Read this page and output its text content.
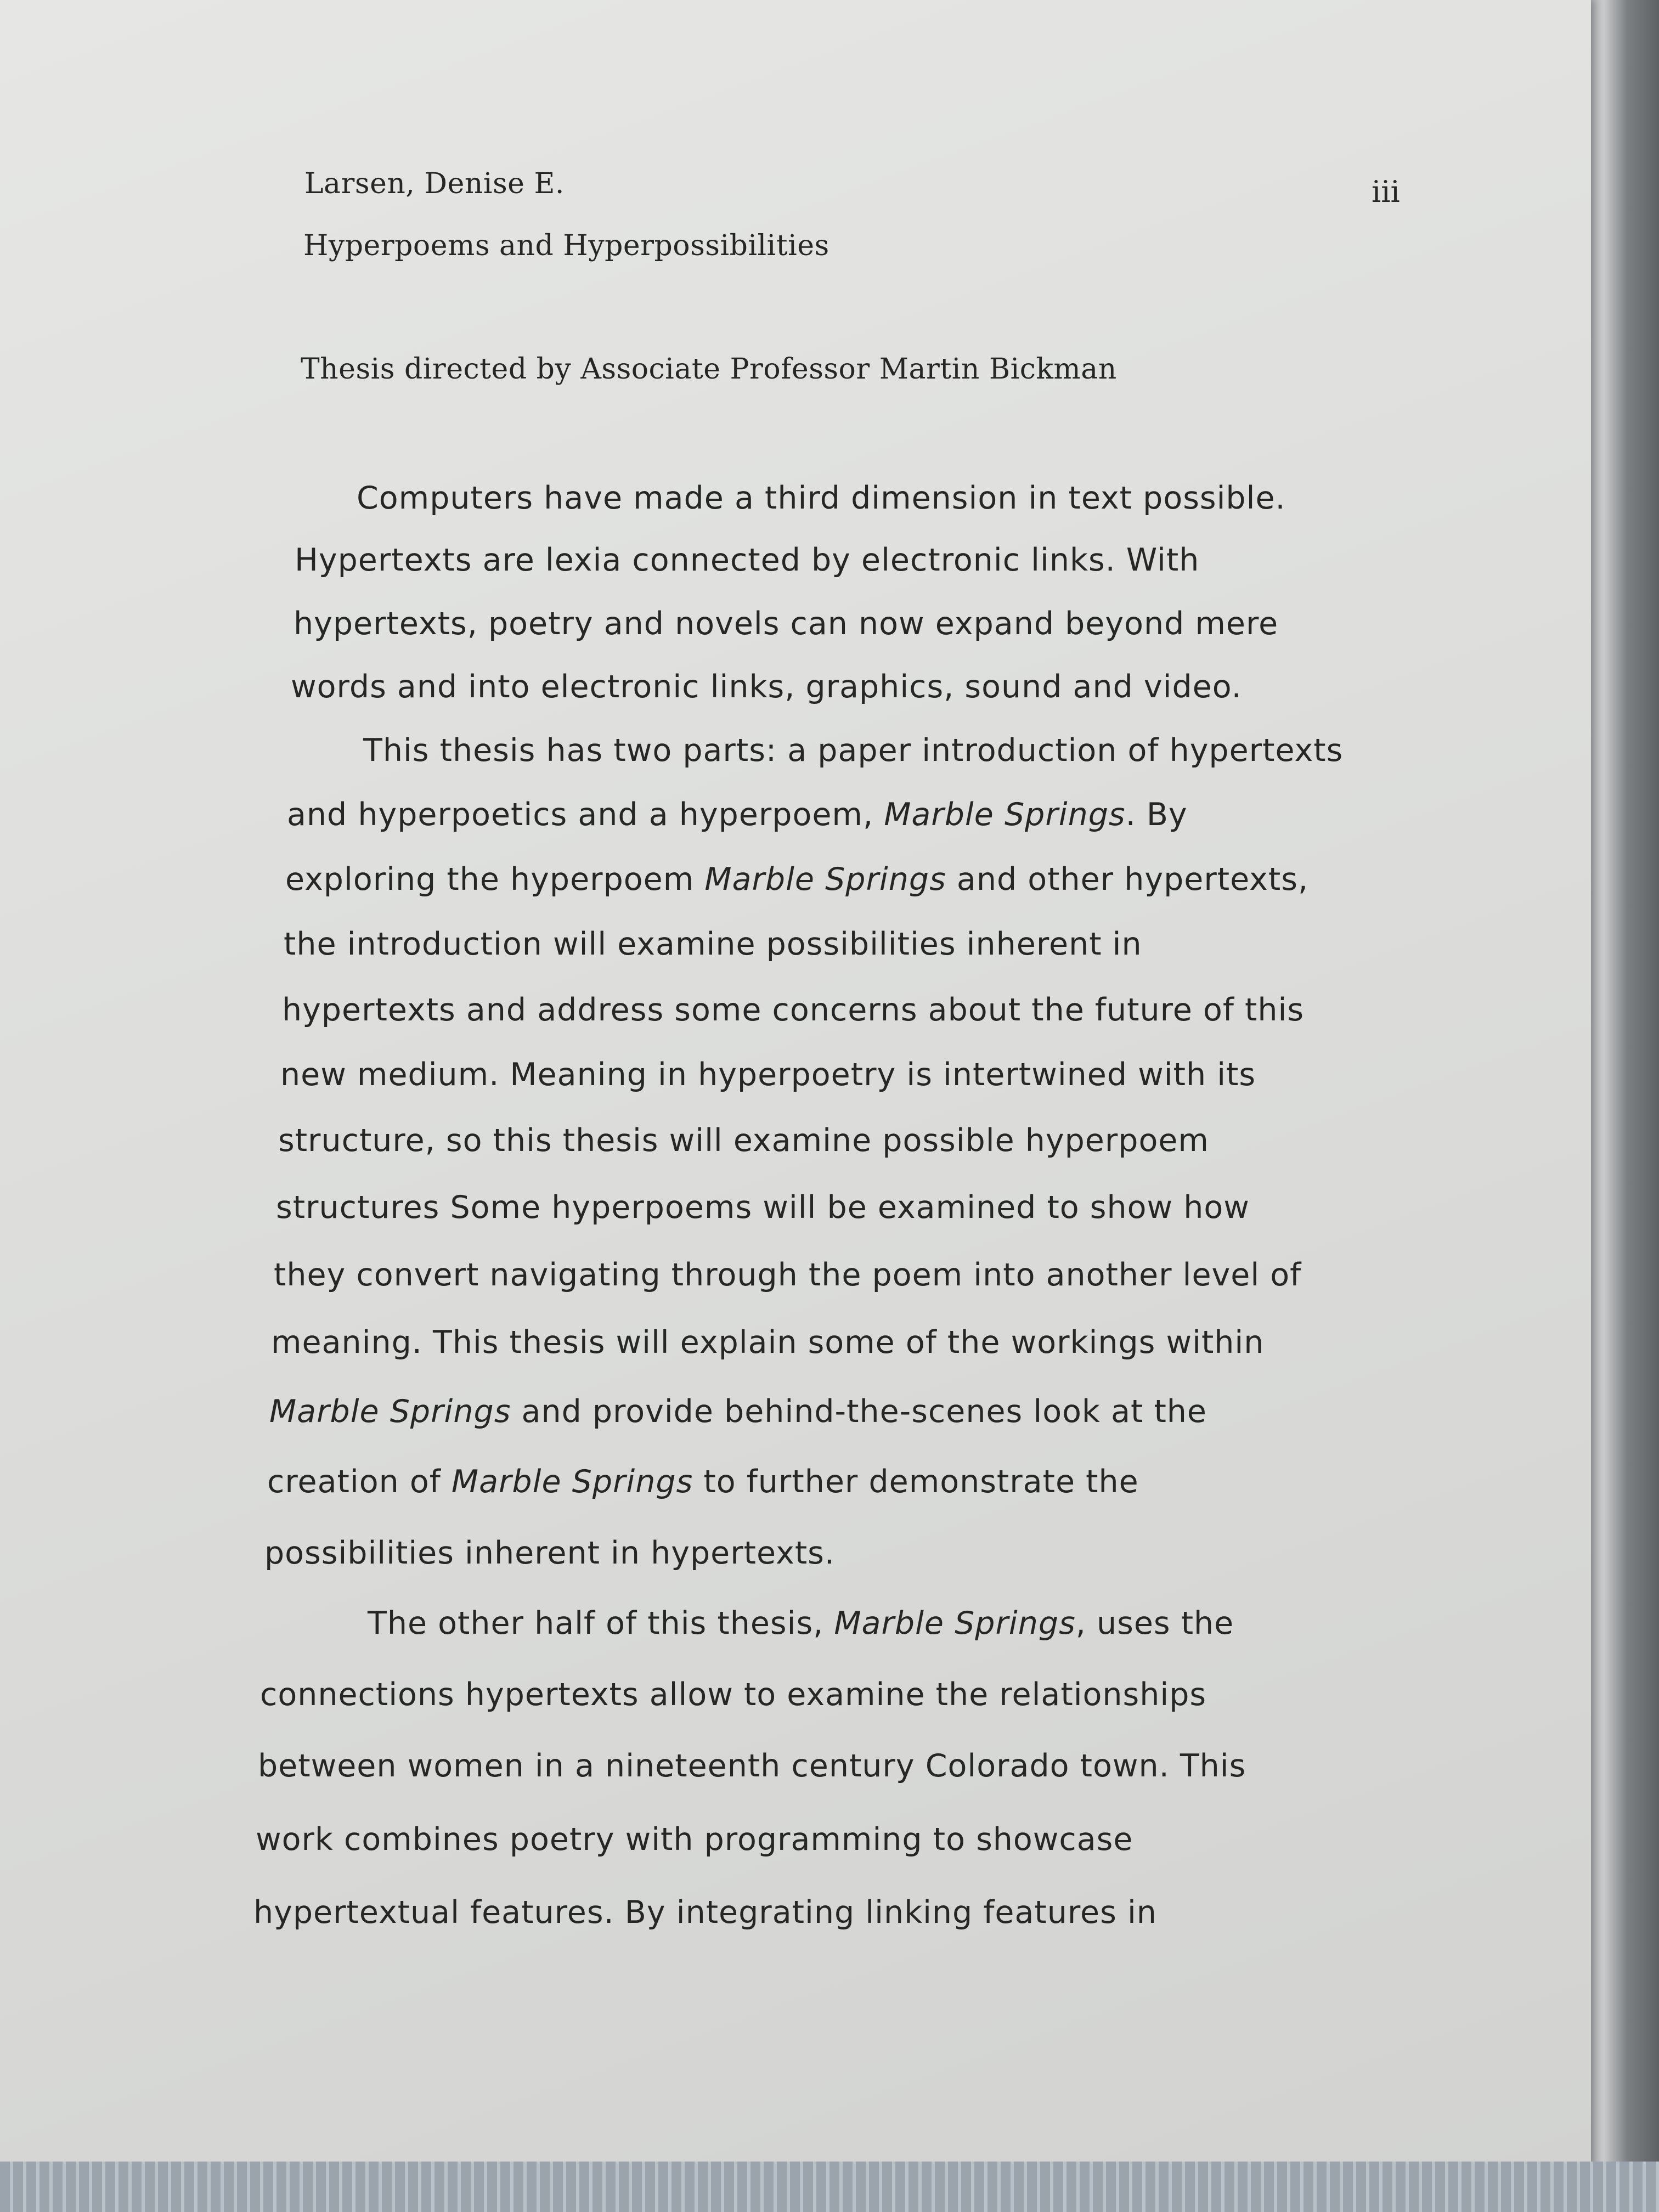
Larsen, Denise E.	iii
Hyperpoems and Hyperpossibilities
Thesis directed by Associate Professor Martin Bickman
Computers have made a third dimension in text possible.
Hypertexts are lexia connected by electronic links. With
hypertexts, poetry and novels can now expand beyond mere
words and into electronic links, graphics, sound and video.
This thesis has two parts: a paper introduction of hypertexts
and hyperpoetics and a hyperpoem, Marble Springs. By
exploring the hyperpoem Marble Springs and other hypertexts,
the introduction will examine possibilities inherent in
hypertexts and address some concerns about the future of this
new medium. Meaning in hyperpoetry is intertwined with its
structure, so this thesis will examine possible hyperpoem
structures Some hyperpoems will be examined to show how
they convert navigating through the poem into another level of
meaning. This thesis will explain some of the workings within
Marble Springs and provide behind-the-scenes look at the
creation of Marble Springs to further demonstrate the
possibilities inherent in hypertexts.
The other half of this thesis, Marble Springs, uses the
connections hypertexts allow to examine the relationships
between women in a nineteenth century Colorado town. This
work combines poetry with programming to showcase
hypertextual features. By integrating linking features in
